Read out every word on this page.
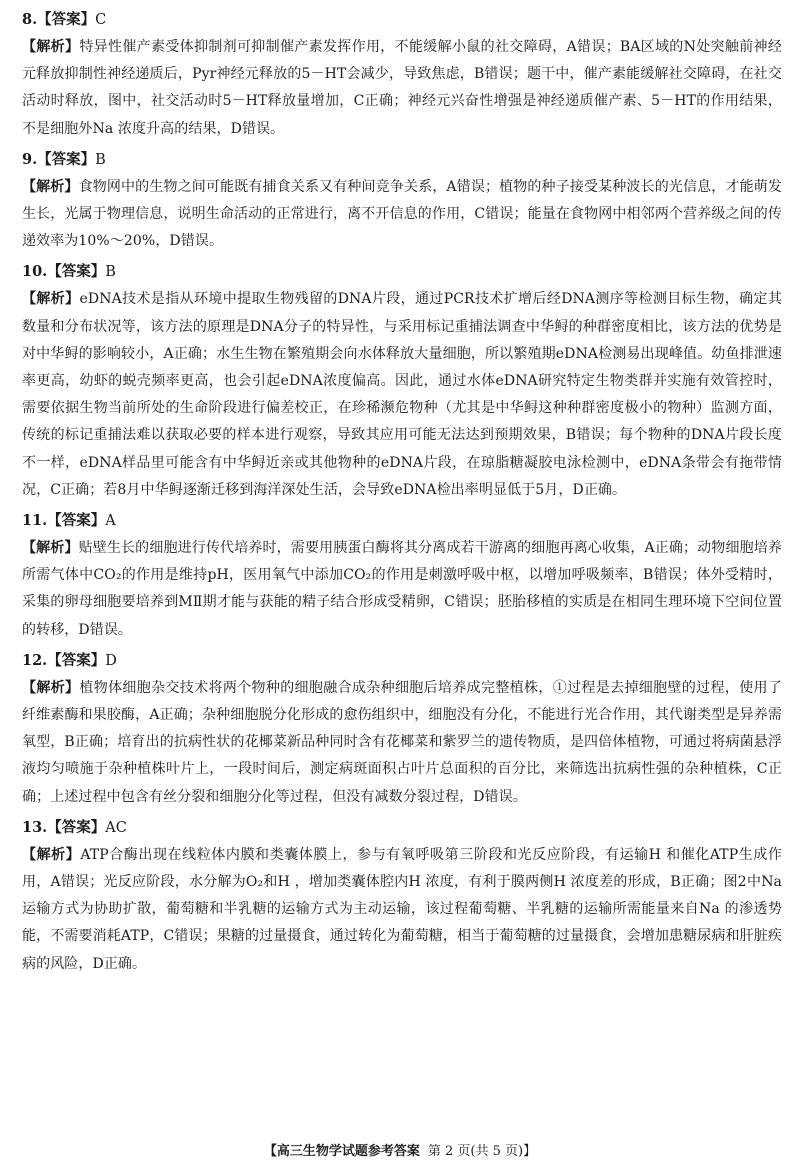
8.【答案】C

【解析】特异性催产素受体抑制剂可抑制催产素发挥作用，不能缓解小鼠的社交障碍，A错误；BA区域的N处突触前神经元释放抑制性神经递质后，Pyr神经元释放的5－HT会减少，导致焦虑，B错误；题干中，催产素能缓解社交障碍，在社交活动时释放，图中，社交活动时5－HT释放量增加，C正确；神经元兴奋性增强是神经递质催产素、5－HT的作用结果，不是细胞外Na 浓度升高的结果，D错误。

9.【答案】B

【解析】食物网中的生物之间可能既有捕食关系又有种间竞争关系，A错误；植物的种子接受某种波长的光信息，才能萌发生长，光属于物理信息，说明生命活动的正常进行，离不开信息的作用，C错误；能量在食物网中相邻两个营养级之间的传递效率为10%～20%，D错误。

10.【答案】B

【解析】eDNA技术是指从环境中提取生物残留的DNA片段，通过PCR技术扩增后经DNA测序等检测目标生物，确定其数量和分布状况等，该方法的原理是DNA分子的特异性，与采用标记重捕法调查中华鲟的种群密度相比，该方法的优势是对中华鲟的影响较小，A正确；水生生物在繁殖期会向水体释放大量细胞，所以繁殖期eDNA检测易出现峰值。幼鱼排泄速率更高，幼虾的蜕壳频率更高，也会引起eDNA浓度偏高。因此，通过水体eDNA研究特定生物类群并实施有效管控时，需要依据生物当前所处的生命阶段进行偏差校正，在珍稀濒危物种（尤其是中华鲟这种种群密度极小的物种）监测方面，传统的标记重捕法难以获取必要的样本进行观察，导致其应用可能无法达到预期效果，B错误；每个物种的DNA片段长度不一样，eDNA样品里可能含有中华鲟近亲或其他物种的eDNA片段，在琼脂糖凝胶电泳检测中，eDNA条带会有拖带情况，C正确；若8月中华鲟逐渐迁移到海洋深处生活，会导致eDNA检出率明显低于5月，D正确。

11.【答案】A

【解析】贴壁生长的细胞进行传代培养时，需要用胰蛋白酶将其分离成若干游离的细胞再离心收集，A正确；动物细胞培养所需气体中CO₂的作用是维持pH，医用氧气中添加CO₂的作用是刺激呼吸中枢，以增加呼吸频率，B错误；体外受精时，采集的卵母细胞要培养到MⅡ期才能与获能的精子结合形成受精卵，C错误；胚胎移植的实质是在相同生理环境下空间位置的转移，D错误。

12.【答案】D

【解析】植物体细胞杂交技术将两个物种的细胞融合成杂种细胞后培养成完整植株，①过程是去掉细胞壁的过程，使用了纤维素酶和果胶酶，A正确；杂种细胞脱分化形成的愈伤组织中，细胞没有分化，不能进行光合作用，其代谢类型是异养需氧型，B正确；培育出的抗病性状的花椰菜新品种同时含有花椰菜和紫罗兰的遗传物质，是四倍体植物，可通过将病菌悬浮液均匀喷施于杂种植株叶片上，一段时间后，测定病斑面积占叶片总面积的百分比，来筛选出抗病性强的杂种植株，C正确；上述过程中包含有丝分裂和细胞分化等过程，但没有减数分裂过程，D错误。

13.【答案】AC

【解析】ATP合酶出现在线粒体内膜和类囊体膜上，参与有氧呼吸第三阶段和光反应阶段，有运输H 和催化ATP生成作用，A错误；光反应阶段，水分解为O₂和H ，增加类囊体腔内H 浓度，有利于膜两侧H 浓度差的形成，B正确；图2中Na 运输方式为协助扩散，葡萄糖和半乳糖的运输方式为主动运输，该过程葡萄糖、半乳糖的运输所需能量来自Na 的渗透势能，不需要消耗ATP，C错误；果糖的过量摄食，通过转化为葡萄糖，相当于葡萄糖的过量摄食，会增加患糖尿病和肝脏疾病的风险，D正确。

【高三生物学试题参考答案 第 2 页(共 5 页)】
